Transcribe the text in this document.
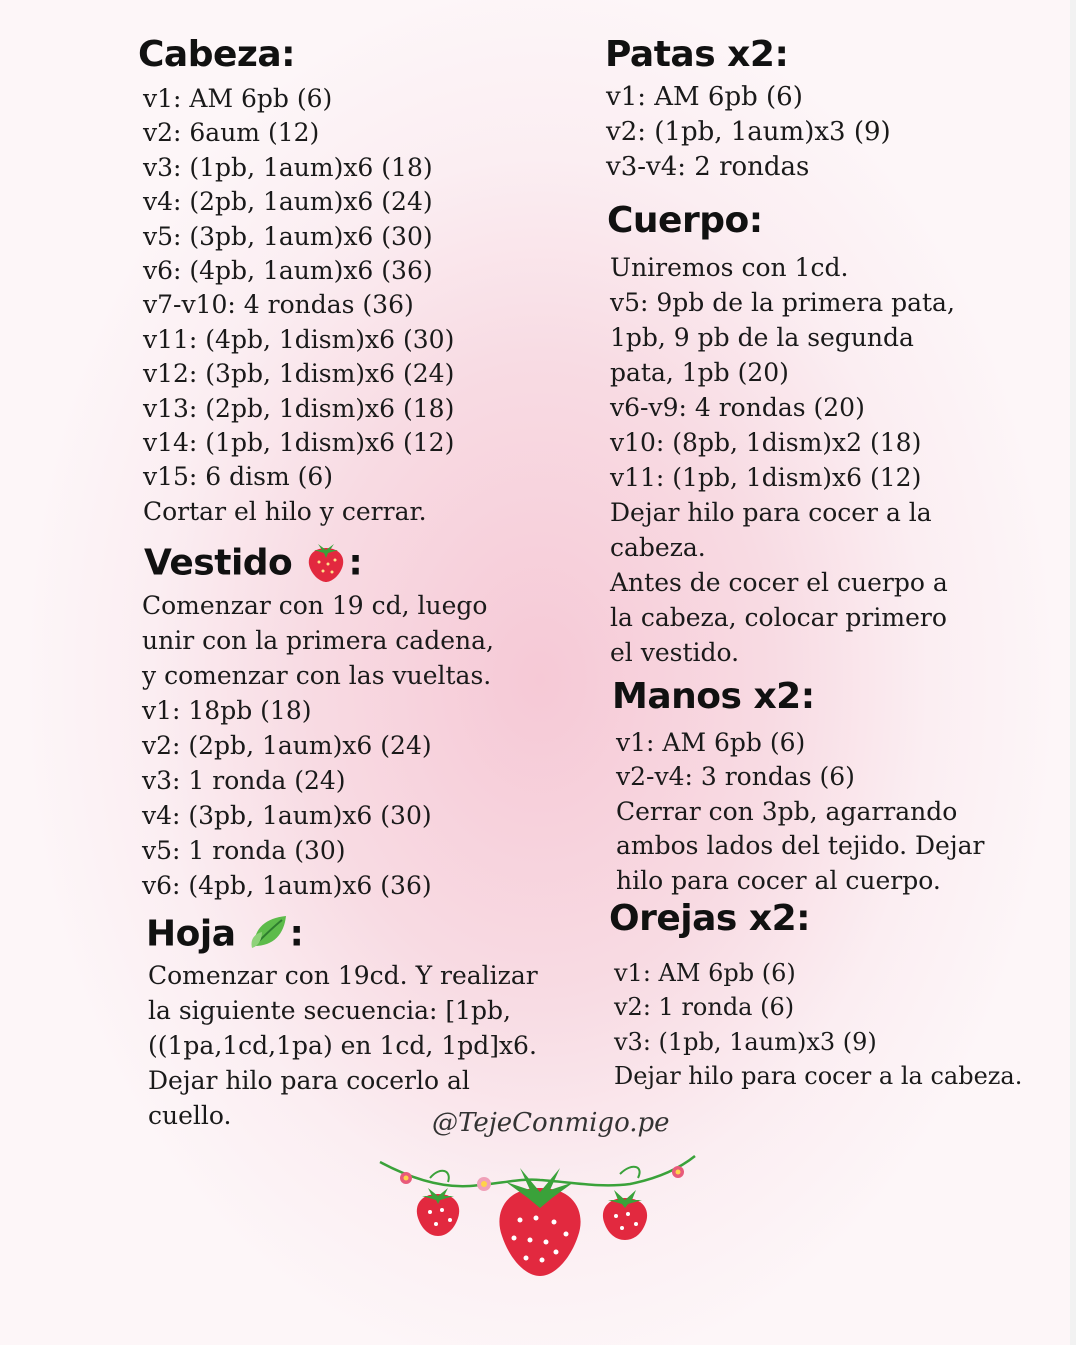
Cabeza:
v1: AM 6pb (6)
v2: 6aum (12)
v3: (1pb, 1aum)x6 (18)
v4: (2pb, 1aum)x6 (24)
v5: (3pb, 1aum)x6 (30)
v6: (4pb, 1aum)x6 (36)
v7-v10: 4 rondas (36)
v11: (4pb, 1dism)x6 (30)
v12: (3pb, 1dism)x6 (24)
v13: (2pb, 1dism)x6 (18)
v14: (1pb, 1dism)x6 (12)
v15: 6 dism (6)
Cortar el hilo y cerrar.
Vestido :
Comenzar con 19 cd, luego
unir con la primera cadena,
y comenzar con las vueltas.
v1: 18pb (18)
v2: (2pb, 1aum)x6 (24)
v3: 1 ronda (24)
v4: (3pb, 1aum)x6 (30)
v5: 1 ronda (30)
v6: (4pb, 1aum)x6 (36)
Hoja :
Comenzar con 19cd. Y realizar
la siguiente secuencia: [1pb,
((1pa,1cd,1pa) en 1cd, 1pd]x6.
Dejar hilo para cocerlo al
cuello.
Patas x2:
v1: AM 6pb (6)
v2: (1pb, 1aum)x3 (9)
v3-v4: 2 rondas
Cuerpo:
Uniremos con 1cd.
v5: 9pb de la primera pata,
1pb, 9 pb de la segunda
pata, 1pb (20)
v6-v9: 4 rondas (20)
v10: (8pb, 1dism)x2 (18)
v11: (1pb, 1dism)x6 (12)
Dejar hilo para cocer a la
cabeza.
Antes de cocer el cuerpo a
la cabeza, colocar primero
el vestido.
Manos x2:
v1: AM 6pb (6)
v2-v4: 3 rondas (6)
Cerrar con 3pb, agarrando
ambos lados del tejido. Dejar
hilo para cocer al cuerpo.
Orejas x2:
v1: AM 6pb (6)
v2: 1 ronda (6)
v3: (1pb, 1aum)x3 (9)
Dejar hilo para cocer a la cabeza.
@TejeConmigo.pe
